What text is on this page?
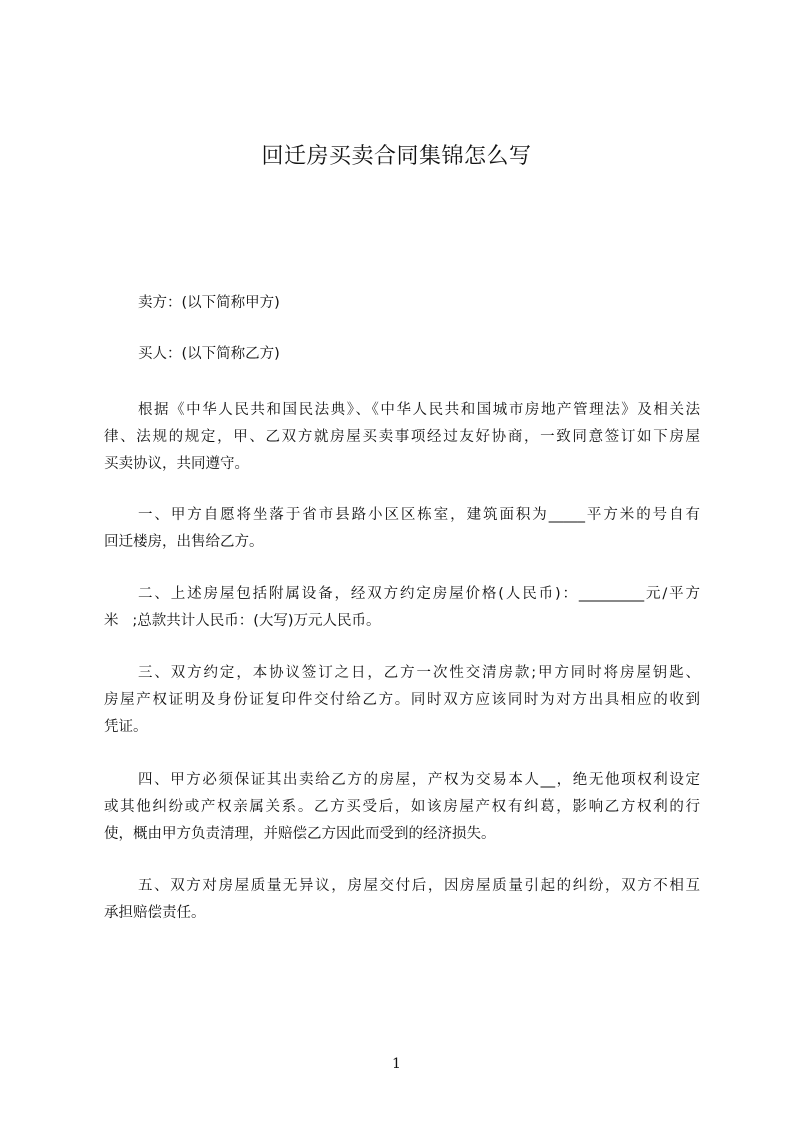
回迁房买卖合同集锦怎么写

卖方：(以下简称甲方)

买人：(以下简称乙方)

根据《中华人民共和国民法典》、《中华人民共和国城市房地产管理法》及相关法
律、法规的规定，甲、乙双方就房屋买卖事项经过友好协商，一致同意签订如下房屋
买卖协议，共同遵守。

一、甲方自愿将坐落于省市县路小区区栋室，建筑面积为_____平方米的号自有
回迁楼房，出售给乙方。

二、上述房屋包括附属设备，经双方约定房屋价格(人民币)：_________元/平方
米   ;总款共计人民币：(大写)万元人民币。

三、双方约定，本协议签订之日，乙方一次性交清房款;甲方同时将房屋钥匙、
房屋产权证明及身份证复印件交付给乙方。同时双方应该同时为对方出具相应的收到
凭证。

四、甲方必须保证其出卖给乙方的房屋，产权为交易本人__，绝无他项权利设定
或其他纠纷或产权亲属关系。乙方买受后，如该房屋产权有纠葛，影响乙方权利的行
使，概由甲方负责清理，并赔偿乙方因此而受到的经济损失。

五、双方对房屋质量无异议，房屋交付后，因房屋质量引起的纠纷，双方不相互
承担赔偿责任。

1
